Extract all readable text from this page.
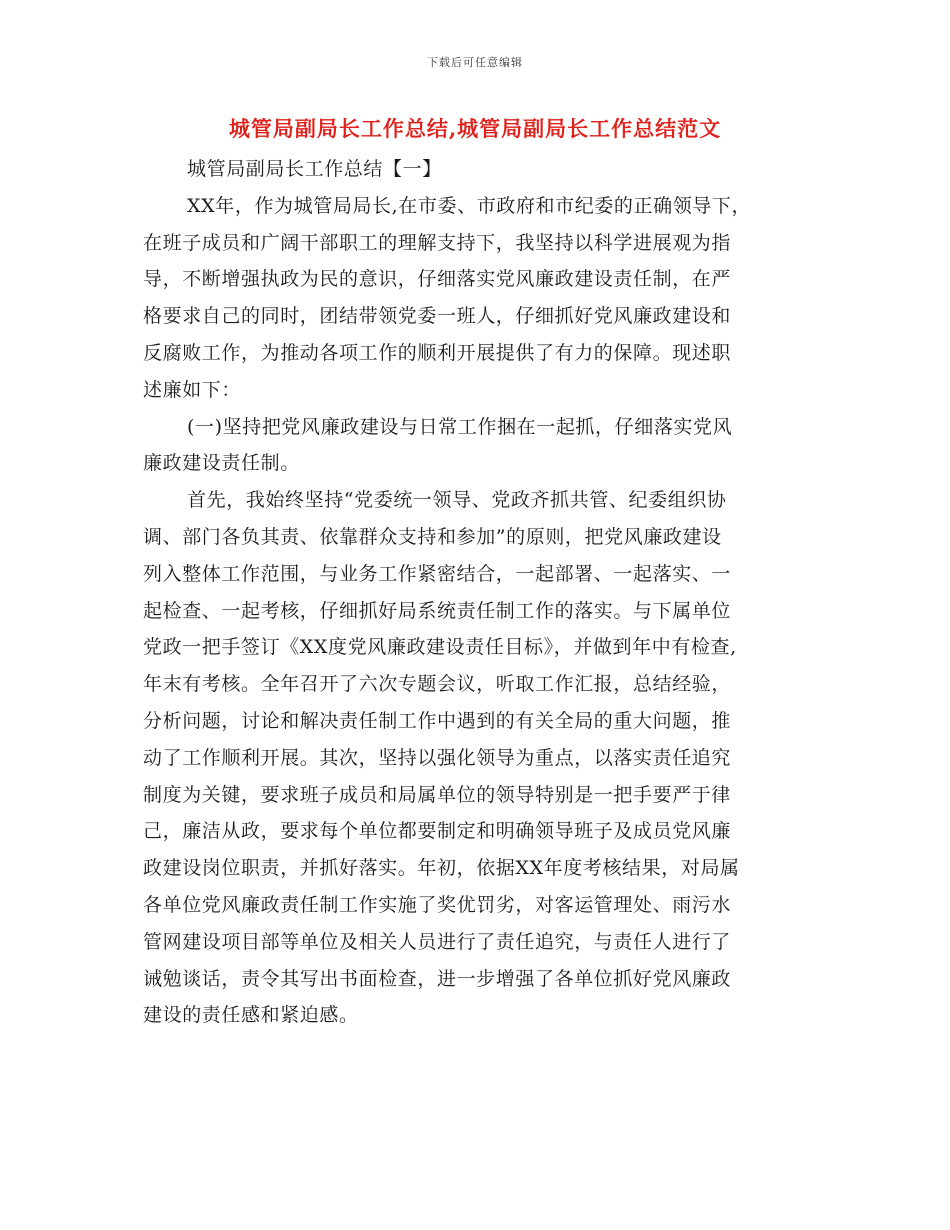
下载后可任意编辑
城管局副局长工作总结,城管局副局长工作总结范文
城管局副局长工作总结【一】
XX年，作为城管局局长,在市委、市政府和市纪委的正确领导下，
在班子成员和广阔干部职工的理解支持下，我坚持以科学进展观为指
导，不断增强执政为民的意识，仔细落实党风廉政建设责任制，在严
格要求自己的同时，团结带领党委一班人，仔细抓好党风廉政建设和
反腐败工作，为推动各项工作的顺利开展提供了有力的保障。现述职
述廉如下：
(一)坚持把党风廉政建设与日常工作捆在一起抓，仔细落实党风
廉政建设责任制。
首先，我始终坚持“党委统一领导、党政齐抓共管、纪委组织协
调、部门各负其责、依靠群众支持和参加”的原则，把党风廉政建设
列入整体工作范围，与业务工作紧密结合，一起部署、一起落实、一
起检查、一起考核，仔细抓好局系统责任制工作的落实。与下属单位
党政一把手签订《XX度党风廉政建设责任目标》，并做到年中有检查,
年末有考核。全年召开了六次专题会议，听取工作汇报，总结经验，
分析问题，讨论和解决责任制工作中遇到的有关全局的重大问题，推
动了工作顺利开展。其次，坚持以强化领导为重点，以落实责任追究
制度为关键，要求班子成员和局属单位的领导特别是一把手要严于律
己，廉洁从政，要求每个单位都要制定和明确领导班子及成员党风廉
政建设岗位职责，并抓好落实。年初，依据XX年度考核结果，对局属
各单位党风廉政责任制工作实施了奖优罚劣，对客运管理处、雨污水
管网建设项目部等单位及相关人员进行了责任追究，与责任人进行了
诫勉谈话，责令其写出书面检查，进一步增强了各单位抓好党风廉政
建设的责任感和紧迫感。
